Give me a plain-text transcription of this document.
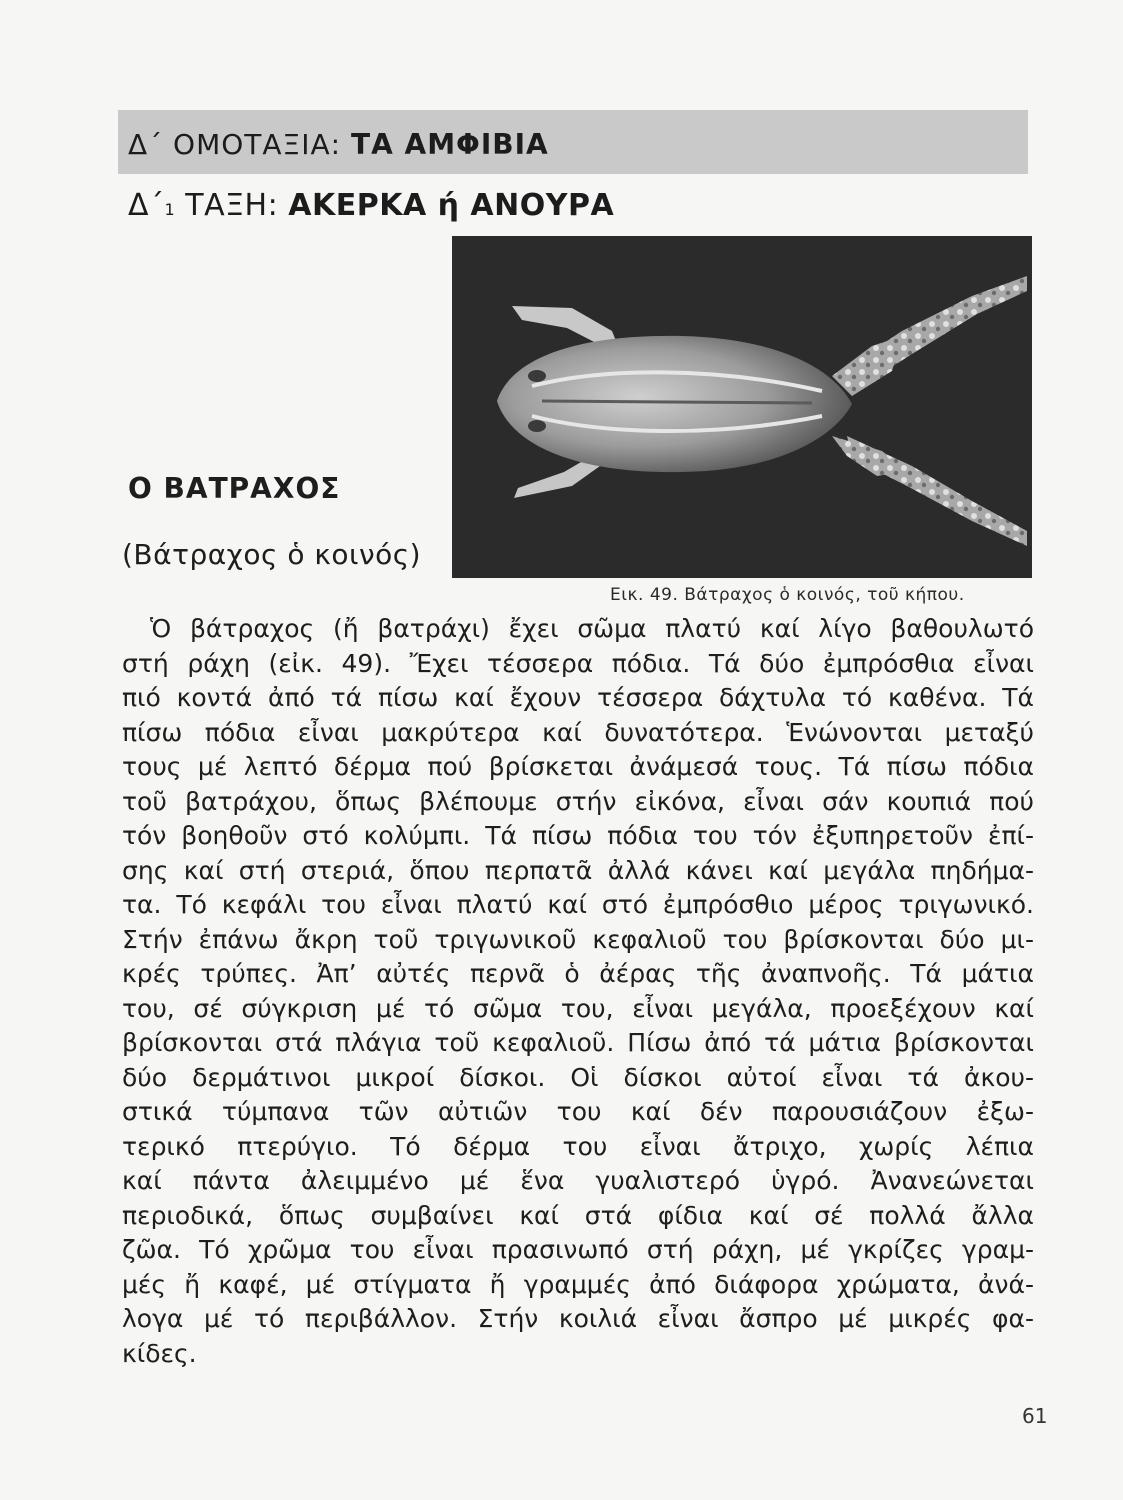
Δ΄ ΟΜΟΤΑΞΙΑ: ΤΑ ΑΜΦΙΒΙΑ
Δ΄1 ΤΑΞΗ: ΑΚΕΡΚΑ ή ΑΝΟΥΡΑ
Ο ΒΑΤΡΑΧΟΣ
(Βάτραχος ὁ κοινός)
Εικ. 49. Βάτραχος ὁ κοινός, τοῦ κήπου.
Ὁ βάτραχος (ἤ βατράχι) ἔχει σῶμα πλατύ καί λίγο βαθουλωτό
στή ράχη (εἰκ. 49). Ἔχει τέσσερα πόδια. Τά δύο ἐμπρόσθια εἶναι
πιό κοντά ἀπό τά πίσω καί ἔχουν τέσσερα δάχτυλα τό καθένα. Τά
πίσω πόδια εἶναι μακρύτερα καί δυνατότερα. Ἑνώνονται μεταξύ
τους μέ λεπτό δέρμα πού βρίσκεται ἀνάμεσά τους. Τά πίσω πόδια
τοῦ βατράχου, ὅπως βλέπουμε στήν εἰκόνα, εἶναι σάν κουπιά πού
τόν βοηθοῦν στό κολύμπι. Τά πίσω πόδια του τόν ἐξυπηρετοῦν ἐπί-
σης καί στή στεριά, ὅπου περπατᾶ ἀλλά κάνει καί μεγάλα πηδήμα-
τα. Τό κεφάλι του εἶναι πλατύ καί στό ἐμπρόσθιο μέρος τριγωνικό.
Στήν ἐπάνω ἄκρη τοῦ τριγωνικοῦ κεφαλιοῦ του βρίσκονται δύο μι-
κρές τρύπες. Ἀπ’ αὐτές περνᾶ ὁ ἀέρας τῆς ἀναπνοῆς. Τά μάτια
του, σέ σύγκριση μέ τό σῶμα του, εἶναι μεγάλα, προεξέχουν καί
βρίσκονται στά πλάγια τοῦ κεφαλιοῦ. Πίσω ἀπό τά μάτια βρίσκονται
δύο δερμάτινοι μικροί δίσκοι. Οἱ δίσκοι αὐτοί εἶναι τά ἀκου-
στικά τύμπανα τῶν αὐτιῶν του καί δέν παρουσιάζουν ἐξω-
τερικό πτερύγιο. Τό δέρμα του εἶναι ἄτριχο, χωρίς λέπια
καί πάντα ἀλειμμένο μέ ἕνα γυαλιστερό ὑγρό. Ἀνανεώνεται
περιοδικά, ὅπως συμβαίνει καί στά φίδια καί σέ πολλά ἄλλα
ζῶα. Τό χρῶμα του εἶναι πρασινωπό στή ράχη, μέ γκρίζες γραμ-
μές ἤ καφέ, μέ στίγματα ἤ γραμμές ἀπό διάφορα χρώματα, ἀνά-
λογα μέ τό περιβάλλον. Στήν κοιλιά εἶναι ἄσπρο μέ μικρές φα-
κίδες.
61
